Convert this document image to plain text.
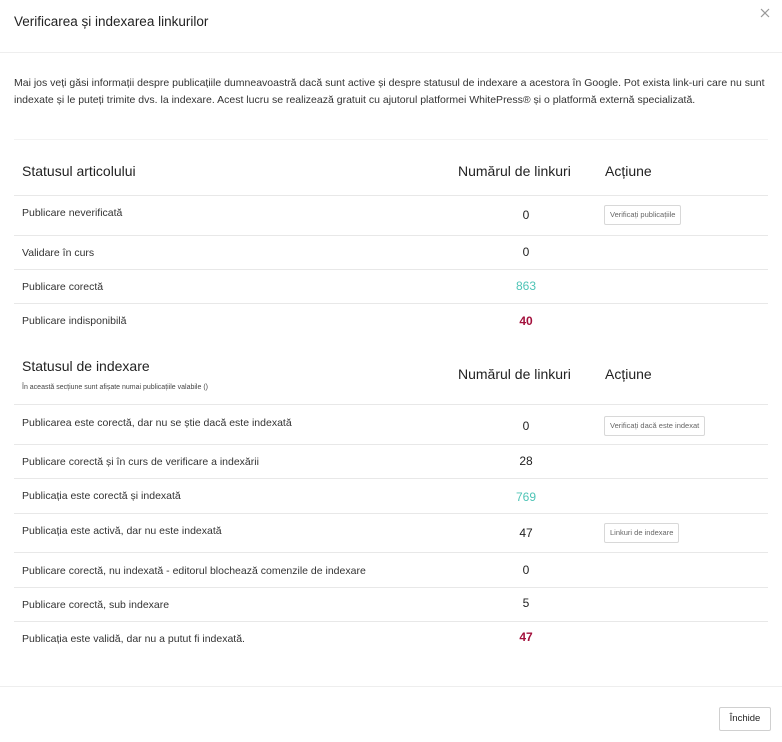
Verificarea și indexarea linkurilor
Mai jos veți găsi informații despre publicațiile dumneavoastră dacă sunt active și despre statusul de indexare a acestora în Google. Pot exista link-uri care nu sunt indexate și le puteți trimite dvs. la indexare. Acest lucru se realizează gratuit cu ajutorul platformei WhitePress® și o platformă externă specializată.
Statusul articolului	Numărul de linkuri Acțiune
Publicare neverificată	0	Verificați publicațiile
Validare în curs	0
Publicare corectă	863
Publicare indisponibilă	40
Statusul de indexare
În această secțiune sunt afișate numai publicațiile valabile ()
Numărul de linkuri Acțiune
Publicarea este corectă, dar nu se știe dacă este indexată	0	Verificați dacă este indexat
Publicare corectă și în curs de verificare a indexării	28
Publicația este corectă și indexată	769
Publicația este activă, dar nu este indexată	47	Linkuri de indexare
Publicare corectă, nu indexată - editorul blochează comenzile de indexare	0
Publicare corectă, sub indexare	5
Publicația este validă, dar nu a putut fi indexată.	47
Închide
